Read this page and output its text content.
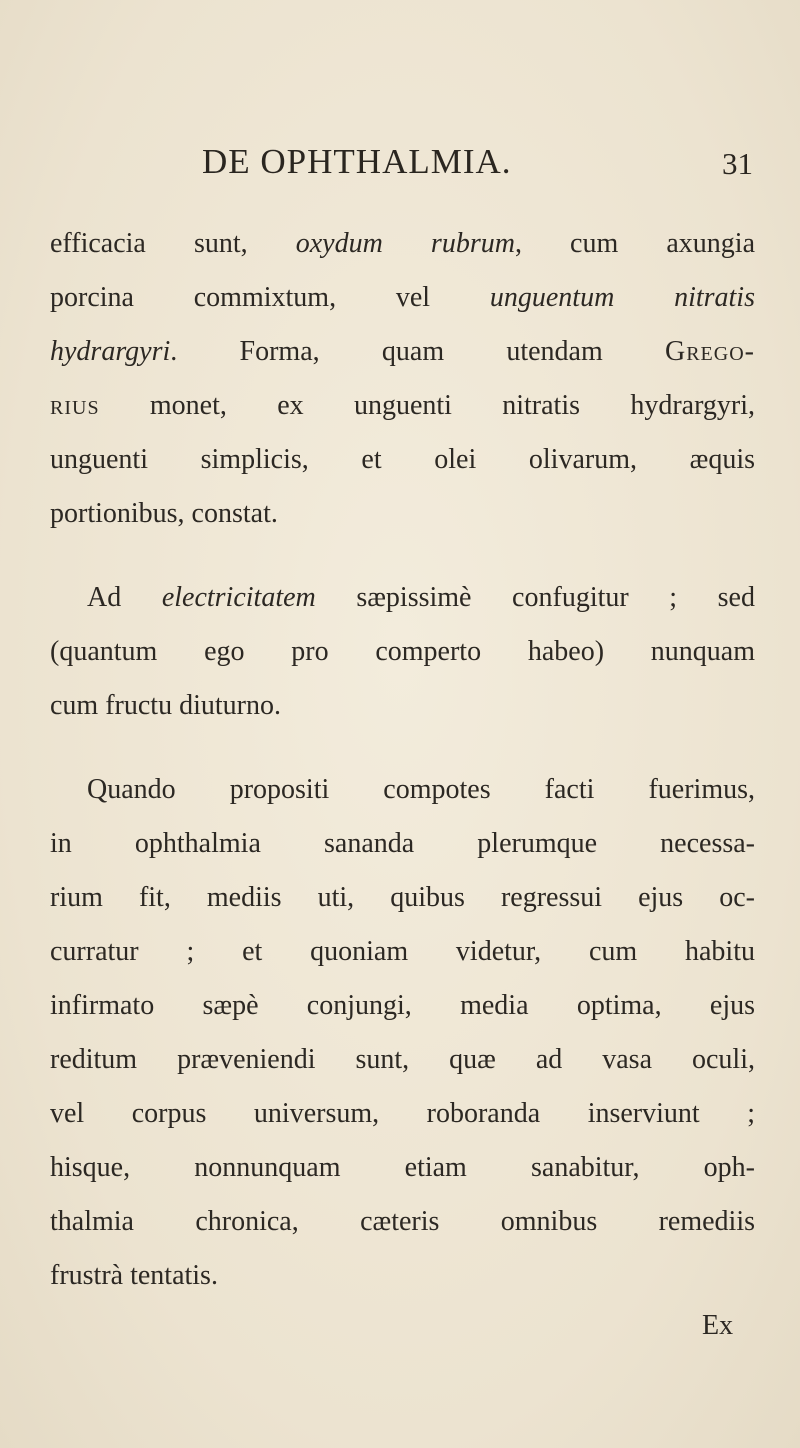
DE OPHTHALMIA.	31
efficacia sunt, oxydum rubrum, cum axungia
porcina commixtum, vel unguentum nitratis
hydrargyri. Forma, quam utendam Grego-
rius monet, ex unguenti nitratis hydrargyri,
unguenti simplicis, et olei olivarum, æquis
portionibus, constat.
Ad electricitatem sæpissimè confugitur ; sed
(quantum ego pro comperto habeo) nunquam
cum fructu diuturno.
Quando propositi compotes facti fuerimus,
in ophthalmia sananda plerumque necessa-
rium fit, mediis uti, quibus regressui ejus oc-
curratur ; et quoniam videtur, cum habitu
infirmato sæpè conjungi, media optima, ejus
reditum præveniendi sunt, quæ ad vasa oculi,
vel corpus universum, roboranda inserviunt ;
hisque, nonnunquam etiam sanabitur, oph-
thalmia chronica, cæteris omnibus remediis
frustrà tentatis.
Ex
